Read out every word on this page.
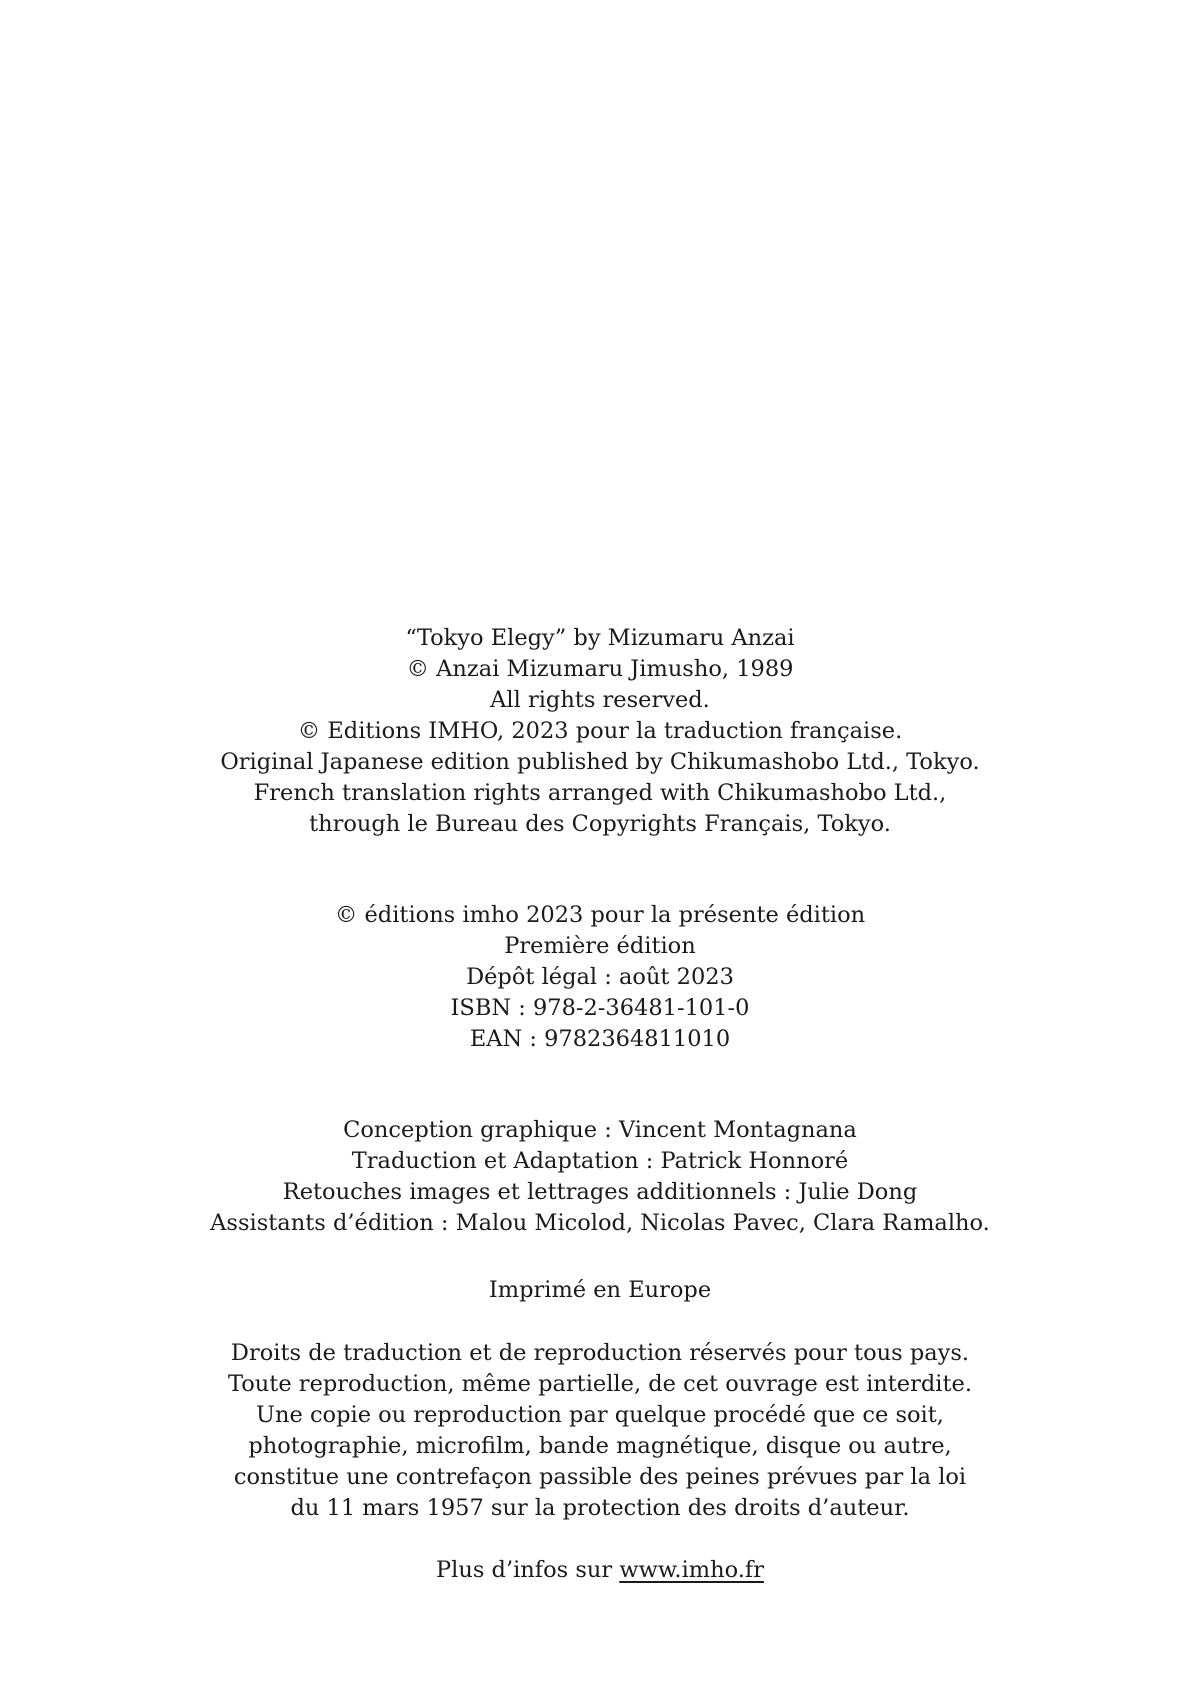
“Tokyo Elegy” by Mizumaru Anzai
© Anzai Mizumaru Jimusho, 1989
All rights reserved.
© Editions IMHO, 2023 pour la traduction française.
Original Japanese edition published by Chikumashobo Ltd., Tokyo.
French translation rights arranged with Chikumashobo Ltd.,
through le Bureau des Copyrights Français, Tokyo.
© éditions imho 2023 pour la présente édition
Première édition
Dépôt légal : août 2023
ISBN : 978-2-36481-101-0
EAN : 9782364811010
Conception graphique : Vincent Montagnana
Traduction et Adaptation : Patrick Honnoré
Retouches images et lettrages additionnels : Julie Dong
Assistants d’édition : Malou Micolod, Nicolas Pavec, Clara Ramalho.
Imprimé en Europe
Droits de traduction et de reproduction réservés pour tous pays.
Toute reproduction, même partielle, de cet ouvrage est interdite.
Une copie ou reproduction par quelque procédé que ce soit,
photographie, microfilm, bande magnétique, disque ou autre,
constitue une contrefaçon passible des peines prévues par la loi
du 11 mars 1957 sur la protection des droits d’auteur.
Plus d’infos sur www.imho.fr
